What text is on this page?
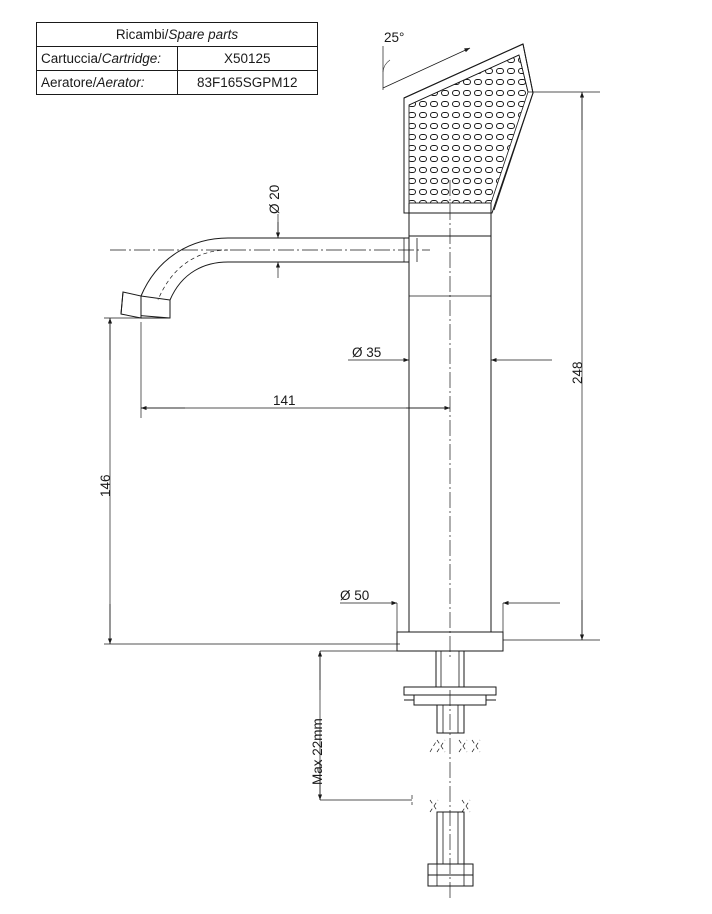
Ricambi/Spare parts	
Cartuccia/Cartridge:	X50125
Aeratore/Aerator:	83F165SGPM12
25°
Ø 20
Ø 35
Ø 50
248
146
141
Max 22mm
